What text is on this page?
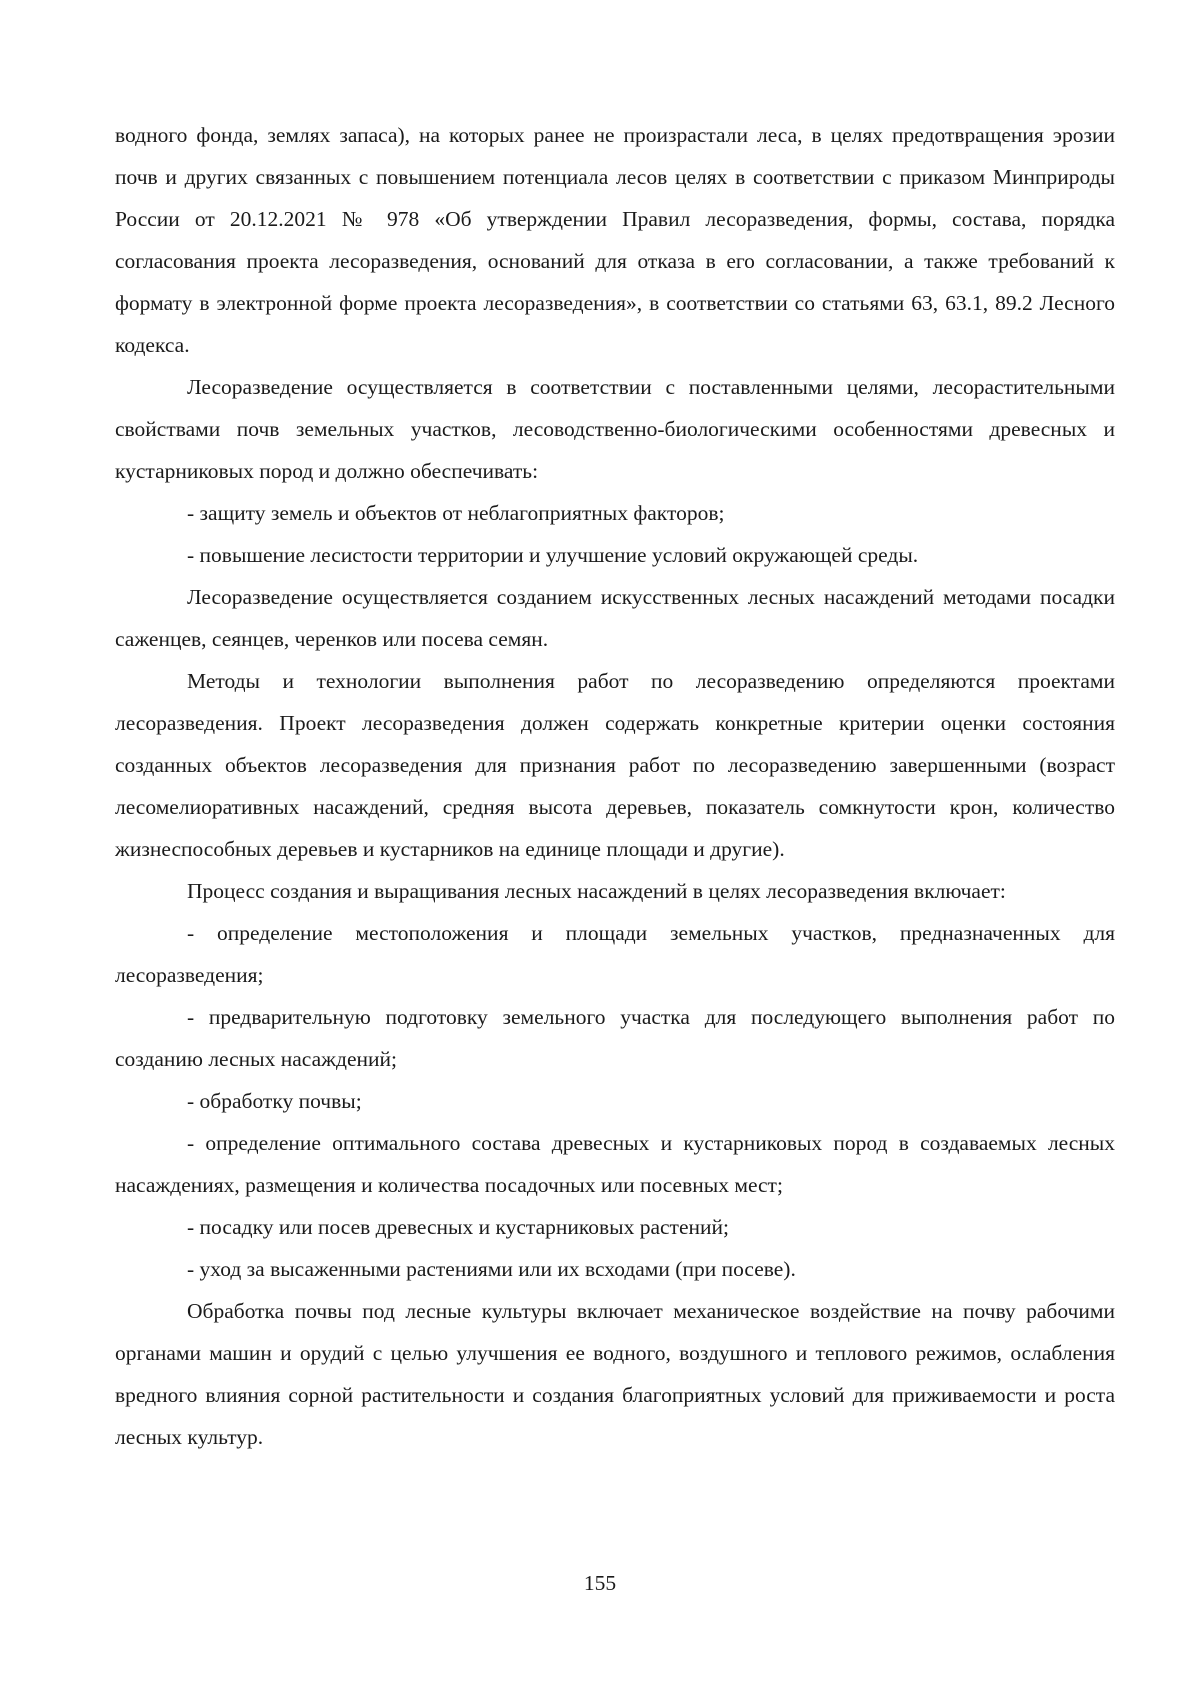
водного фонда, землях запаса), на которых ранее не произрастали леса, в целях предотвращения эрозии почв и других связанных с повышением потенциала лесов целях в соответствии с приказом Минприроды России от 20.12.2021 № 978 «Об утверждении Правил лесоразведения, формы, состава, порядка согласования проекта лесоразведения, оснований для отказа в его согласовании, а также требований к формату в электронной форме проекта лесоразведения», в соответствии со статьями 63, 63.1, 89.2 Лесного кодекса.

Лесоразведение осуществляется в соответствии с поставленными целями, лесорастительными свойствами почв земельных участков, лесоводственно-биологическими особенностями древесных и кустарниковых пород и должно обеспечивать:

- защиту земель и объектов от неблагоприятных факторов;

- повышение лесистости территории и улучшение условий окружающей среды.

Лесоразведение осуществляется созданием искусственных лесных насаждений методами посадки саженцев, сеянцев, черенков или посева семян.

Методы и технологии выполнения работ по лесоразведению определяются проектами лесоразведения. Проект лесоразведения должен содержать конкретные критерии оценки состояния созданных объектов лесоразведения для признания работ по лесоразведению завершенными (возраст лесомелиоративных насаждений, средняя высота деревьев, показатель сомкнутости крон, количество жизнеспособных деревьев и кустарников на единице площади и другие).

Процесс создания и выращивания лесных насаждений в целях лесоразведения включает:

- определение местоположения и площади земельных участков, предназначенных для лесоразведения;

- предварительную подготовку земельного участка для последующего выполнения работ по созданию лесных насаждений;

- обработку почвы;

- определение оптимального состава древесных и кустарниковых пород в создаваемых лесных насаждениях, размещения и количества посадочных или посевных мест;

- посадку или посев древесных и кустарниковых растений;

- уход за высаженными растениями или их всходами (при посеве).

Обработка почвы под лесные культуры включает механическое воздействие на почву рабочими органами машин и орудий с целью улучшения ее водного, воздушного и теплового режимов, ослабления вредного влияния сорной растительности и создания благоприятных условий для приживаемости и роста лесных культур.

155
